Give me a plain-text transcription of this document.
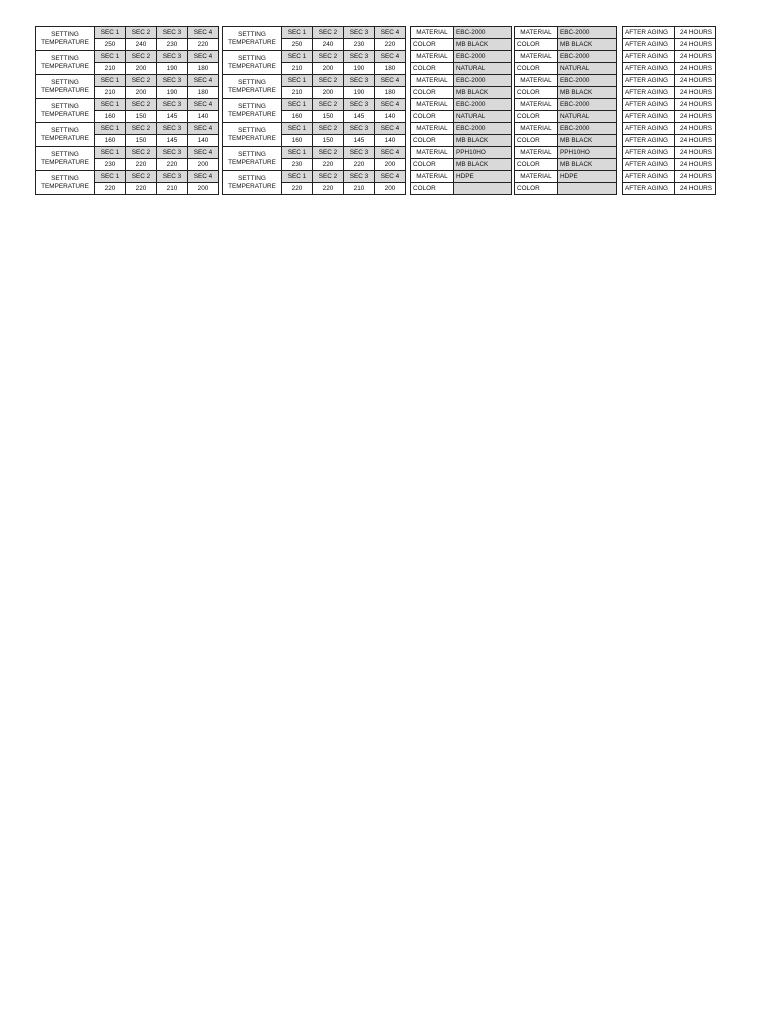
SETTING
TEMPERATURE	SEC 1	SEC 2	SEC 3	SEC 4
	250	240	230	220
SETTING
TEMPERATURE	SEC 1	SEC 2	SEC 3	SEC 4
	250	240	230	220
MATERIAL	EBC-2000
COLOR	MB BLACK
MATERIAL	EBC-2000
COLOR	MB BLACK
AFTER AGING	24 HOURS
AFTER AGING	24 HOURS
SETTING
TEMPERATURE	SEC 1	SEC 2	SEC 3	SEC 4
	210	200	190	180
SETTING
TEMPERATURE	SEC 1	SEC 2	SEC 3	SEC 4
	210	200	190	180
MATERIAL	EBC-2000
COLOR	NATURAL
MATERIAL	EBC-2000
COLOR	NATURAL
AFTER AGING	24 HOURS
AFTER AGING	24 HOURS
SETTING
TEMPERATURE	SEC 1	SEC 2	SEC 3	SEC 4
	210	200	190	180
SETTING
TEMPERATURE	SEC 1	SEC 2	SEC 3	SEC 4
	210	200	190	180
MATERIAL	EBC-2000
COLOR	MB BLACK
MATERIAL	EBC-2000
COLOR	MB BLACK
AFTER AGING	24 HOURS
AFTER AGING	24 HOURS
SETTING
TEMPERATURE	SEC 1	SEC 2	SEC 3	SEC 4
	160	150	145	140
SETTING
TEMPERATURE	SEC 1	SEC 2	SEC 3	SEC 4
	160	150	145	140
MATERIAL	EBC-2000
COLOR	NATURAL
MATERIAL	EBC-2000
COLOR	NATURAL
AFTER AGING	24 HOURS
AFTER AGING	24 HOURS
SETTING
TEMPERATURE	SEC 1	SEC 2	SEC 3	SEC 4
	160	150	145	140
SETTING
TEMPERATURE	SEC 1	SEC 2	SEC 3	SEC 4
	160	150	145	140
MATERIAL	EBC-2000
COLOR	MB BLACK
MATERIAL	EBC-2000
COLOR	MB BLACK
AFTER AGING	24 HOURS
AFTER AGING	24 HOURS
SETTING
TEMPERATURE	SEC 1	SEC 2	SEC 3	SEC 4
	230	220	220	200
SETTING
TEMPERATURE	SEC 1	SEC 2	SEC 3	SEC 4
	230	220	220	200
MATERIAL	PPH10HO
COLOR	MB BLACK
MATERIAL	PPH10HO
COLOR	MB BLACK
AFTER AGING	24 HOURS
AFTER AGING	24 HOURS
SETTING
TEMPERATURE	SEC 1	SEC 2	SEC 3	SEC 4
	220	220	210	200
SETTING
TEMPERATURE	SEC 1	SEC 2	SEC 3	SEC 4
	220	220	210	200
MATERIAL	HDPE
COLOR	
MATERIAL	HDPE
COLOR	
AFTER AGING	24 HOURS
AFTER AGING	24 HOURS
